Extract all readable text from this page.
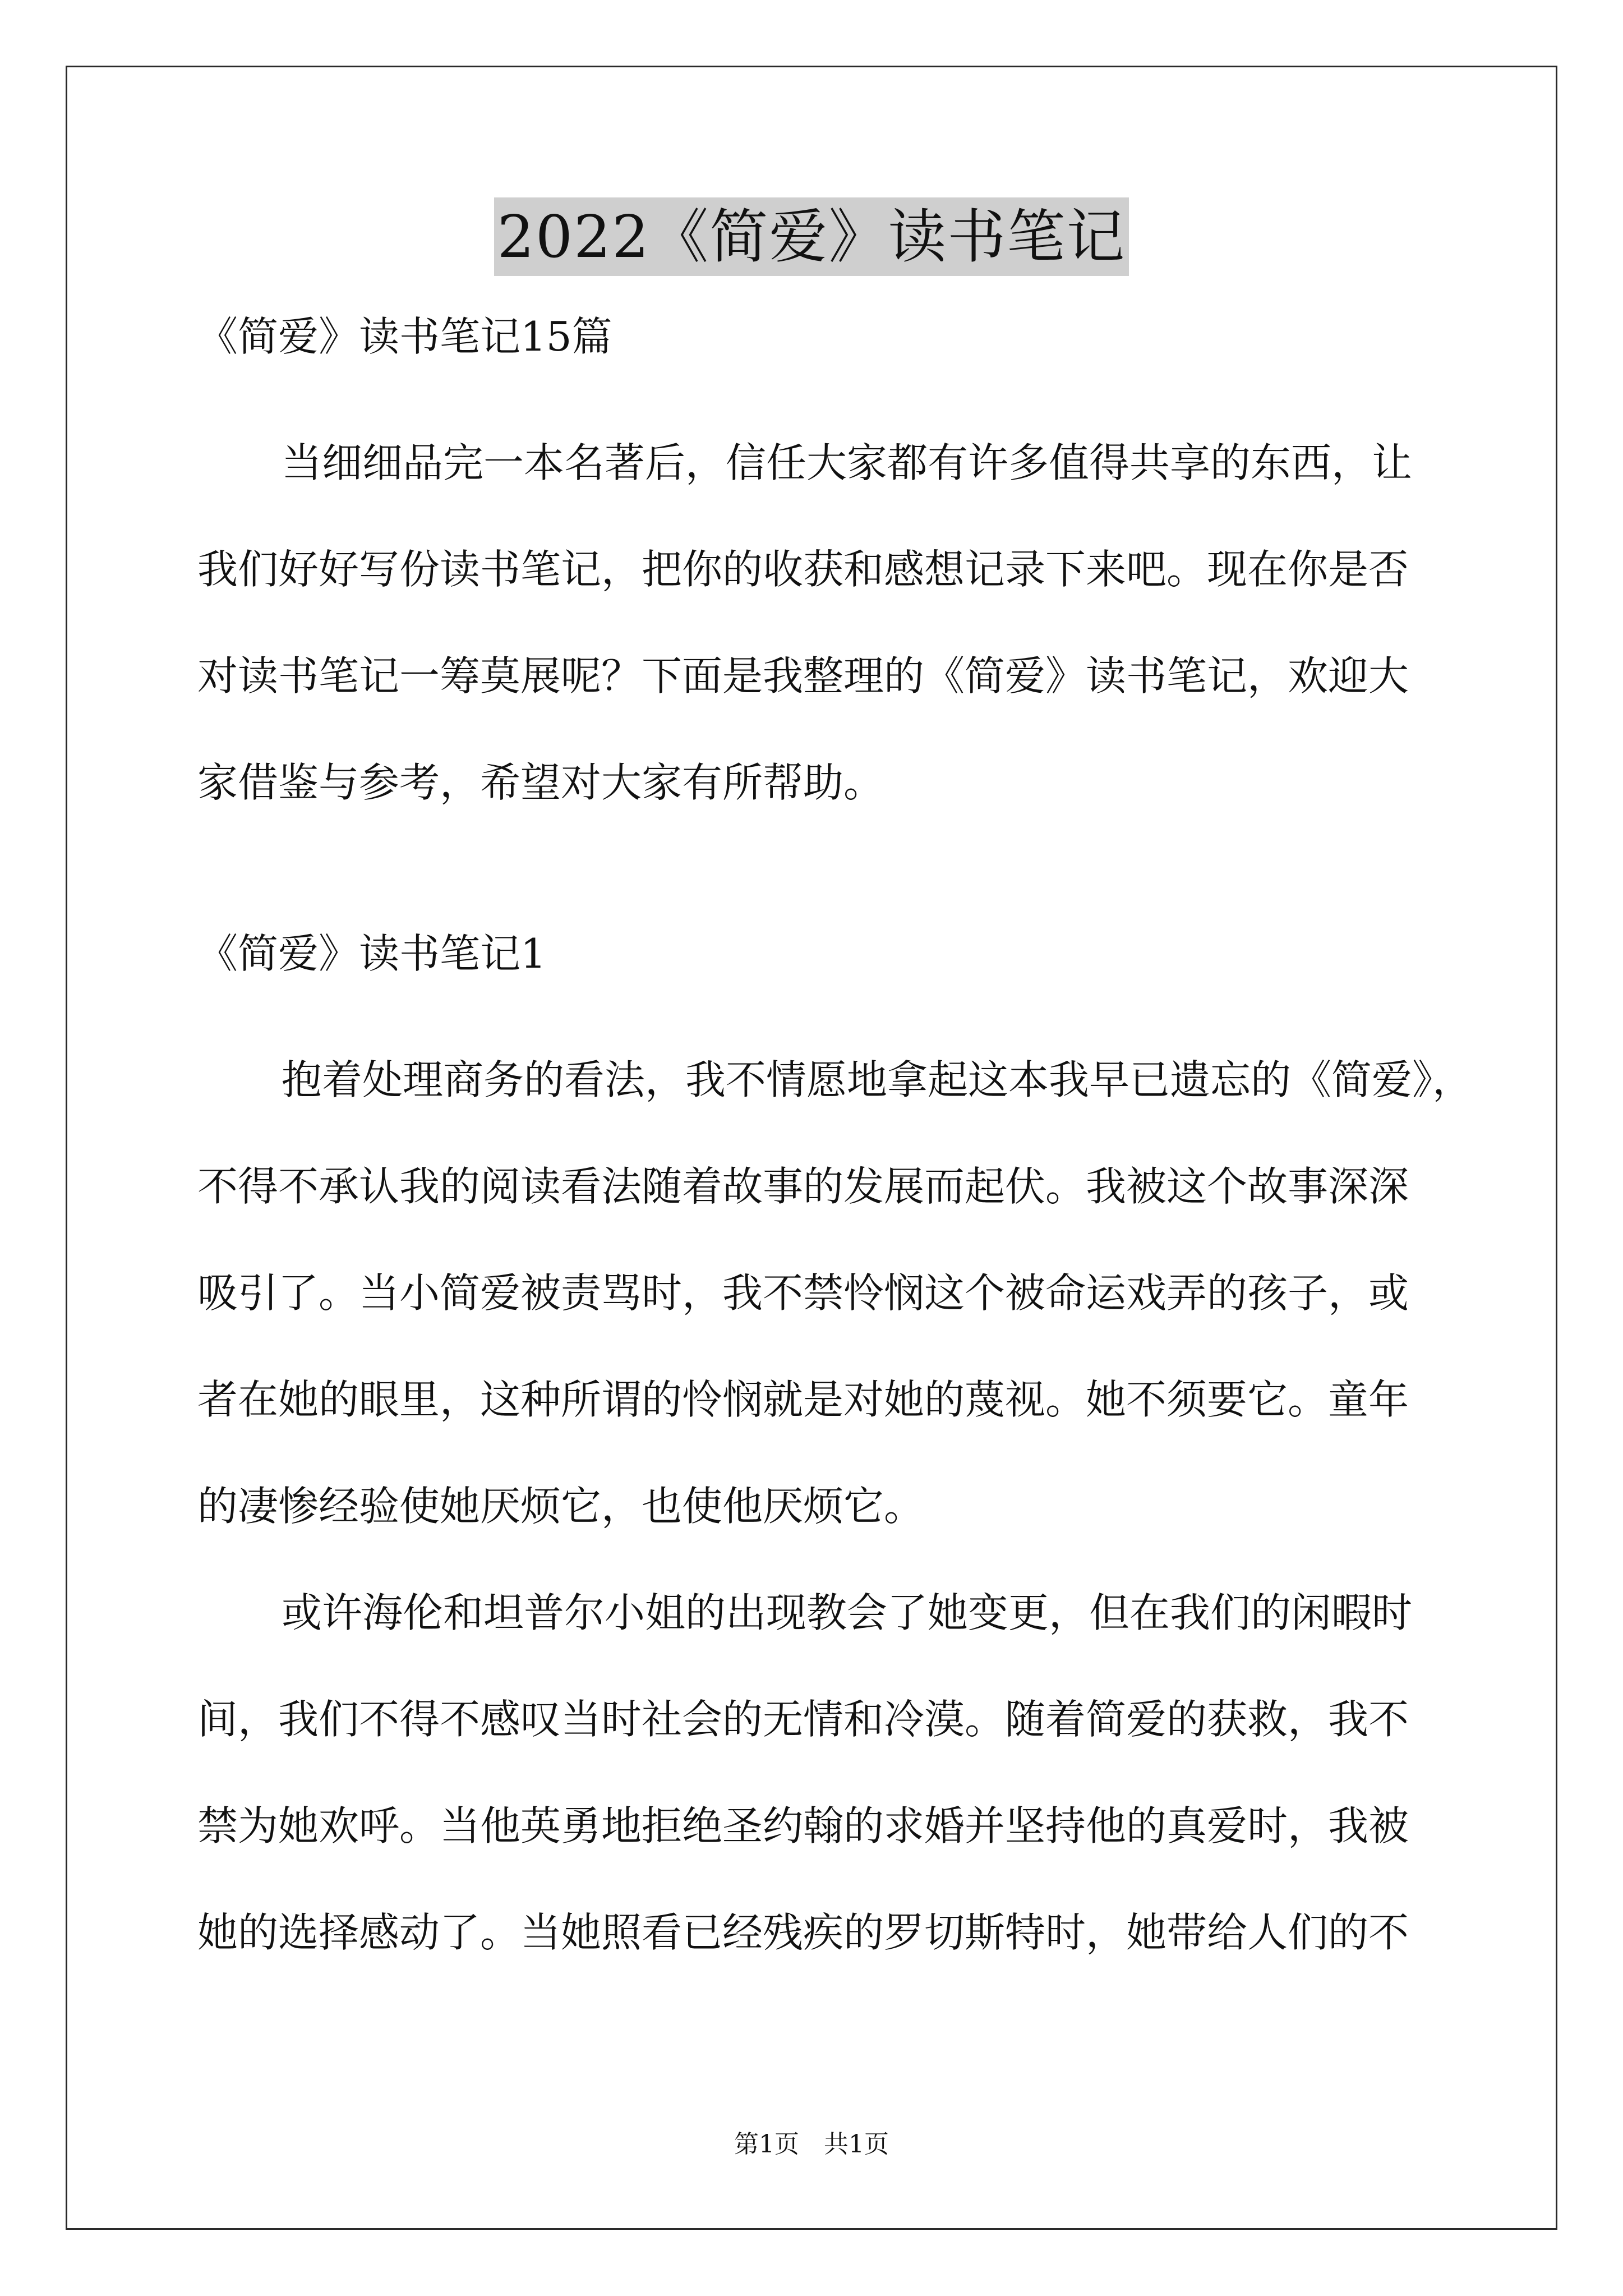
2022《简爱》读书笔记
《简爱》读书笔记15篇
当细细品完一本名著后，信任大家都有许多值得共享的东西，让
我们好好写份读书笔记，把你的收获和感想记录下来吧。现在你是否
对读书笔记一筹莫展呢？下面是我整理的《简爱》读书笔记，欢迎大
家借鉴与参考，希望对大家有所帮助。
《简爱》读书笔记1
抱着处理商务的看法，我不情愿地拿起这本我早已遗忘的《简爱》，
不得不承认我的阅读看法随着故事的发展而起伏。我被这个故事深深
吸引了。当小简爱被责骂时，我不禁怜悯这个被命运戏弄的孩子，或
者在她的眼里，这种所谓的怜悯就是对她的蔑视。她不须要它。童年
的凄惨经验使她厌烦它，也使他厌烦它。
或许海伦和坦普尔小姐的出现教会了她变更，但在我们的闲暇时
间，我们不得不感叹当时社会的无情和冷漠。随着简爱的获救，我不
禁为她欢呼。当他英勇地拒绝圣约翰的求婚并坚持他的真爱时，我被
她的选择感动了。当她照看已经残疾的罗切斯特时，她带给人们的不
第1页　共1页
